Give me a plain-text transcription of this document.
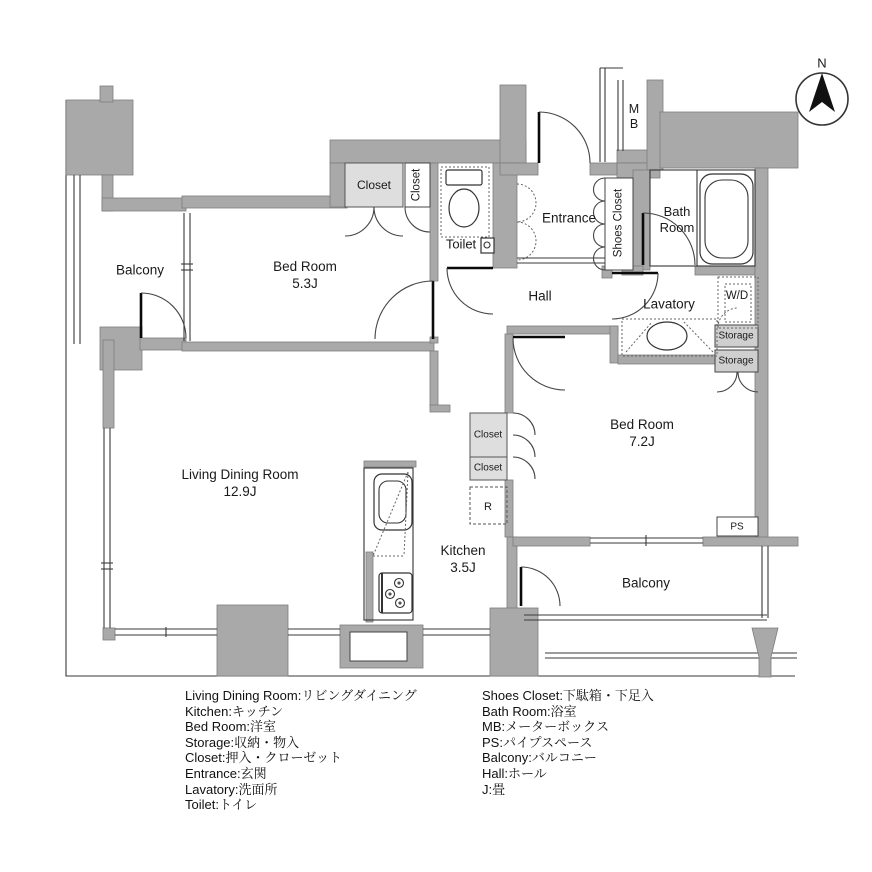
Balcony	Bed Room
5.3J
Closet Closet
Toilet
Entrance Shoes Closet
M
B
Bath
Room
Hall
Lavatory
W/D
Storage
Storage
Bed Room
7.2J
Closet
Closet
R
Kitchen
3.5J
Living Dining Room
12.9J
Balcony
PS
N
Living Dining Room:リビングダイニング
Kitchen:キッチン
Bed Room:洋室
Storage:収納・物入
Closet:押入・クローゼット
Entrance:玄関
Lavatory:洗面所
Toilet:トイレ
Shoes Closet:下駄箱・下足入
Bath Room:浴室
MB:メーターボックス
PS:パイプスペース
Balcony:バルコニー
Hall:ホール
J:畳
